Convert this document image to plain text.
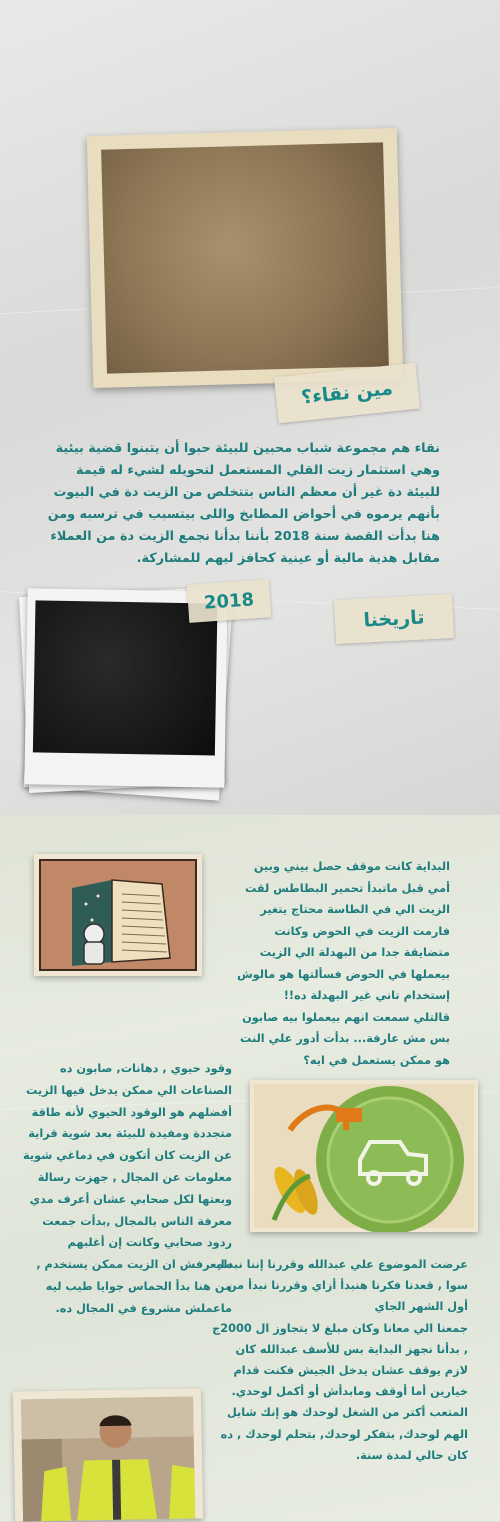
مين نقاء؟

نقاء هم مجموعة شباب محبين للبيئة حبوا أن يتبنوا قضية بيئية وهي استثمار زيت القلي المستعمل لتحويله لشيء له قيمة للبيئة دة غير أن معظم الناس بتتخلص من الزيت دة في البيوت بأنهم يرموه في أحواض المطابخ واللى بيتسبب في ترسبه ومن هنا بدأت القصة سنة 2018 بأننا بدأنا نجمع الزيت دة من العملاء مقابل هدية مالية أو عينية كحافز ليهم للمشاركة.

2018
تاريخنا

البداية كانت موقف حصل بيني وبين أمي قبل ماتبدأ تحمير البطاطس لقت الزيت الي في الطاسة محتاج يتغير فارمت الزيت في الحوض وكانت متضايقة جدا من البهدلة الي الزيت بيعملها في الحوض فسألتها هو مالوش إستخدام تاني غير البهدلة ده!!

قالتلي سمعت انهم بيعملوا بيه صابون بس مش عارفة... بدأت أدور علي النت هو ممكن يستعمل في ايه؟

وقود حيوي , دهانات, صابون ده الصناعات الي ممكن يدخل فيها الزيت أفضلهم هو الوقود الحيوي لأنه طاقة متجددة ومفيدة للبيئة بعد شوية قراية عن الزيت كان أتكون في دماغي شوية معلومات عن المجال , جهزت رسالة وبعتها لكل صحابي عشان أعرف مدي معرفة الناس بالمجال ,بدأت جمعت ردود صحابي وكانت إن أغلبهم مايعرفش ان الزيت ممكن يستخدم , من هنا بدأ الحماس جوايا طيب ليه ماعملش مشروع في المجال ده.

عرضت الموضوع علي عبدالله وقررنا إننا نبداه سوا , قعدنا فكرنا هنبدأ أزاي وقررنا نبدأ من أول الشهر الجاي

جمعنا الي معانا وكان مبلغ لا يتجاوز ال 2000ج , بدأنا نجهز البداية بس للأسف عبدالله كان لازم يوقف عشان يدخل الجيش فكنت قدام خيارين أما أوقف ومابدأش أو أكمل لوحدي.

المتعب أكتر من الشغل لوحدك هو إنك شايل الهم لوحدك, بتفكر لوحدك, بتحلم لوحدك , ده كان حالي لمدة سنة.
